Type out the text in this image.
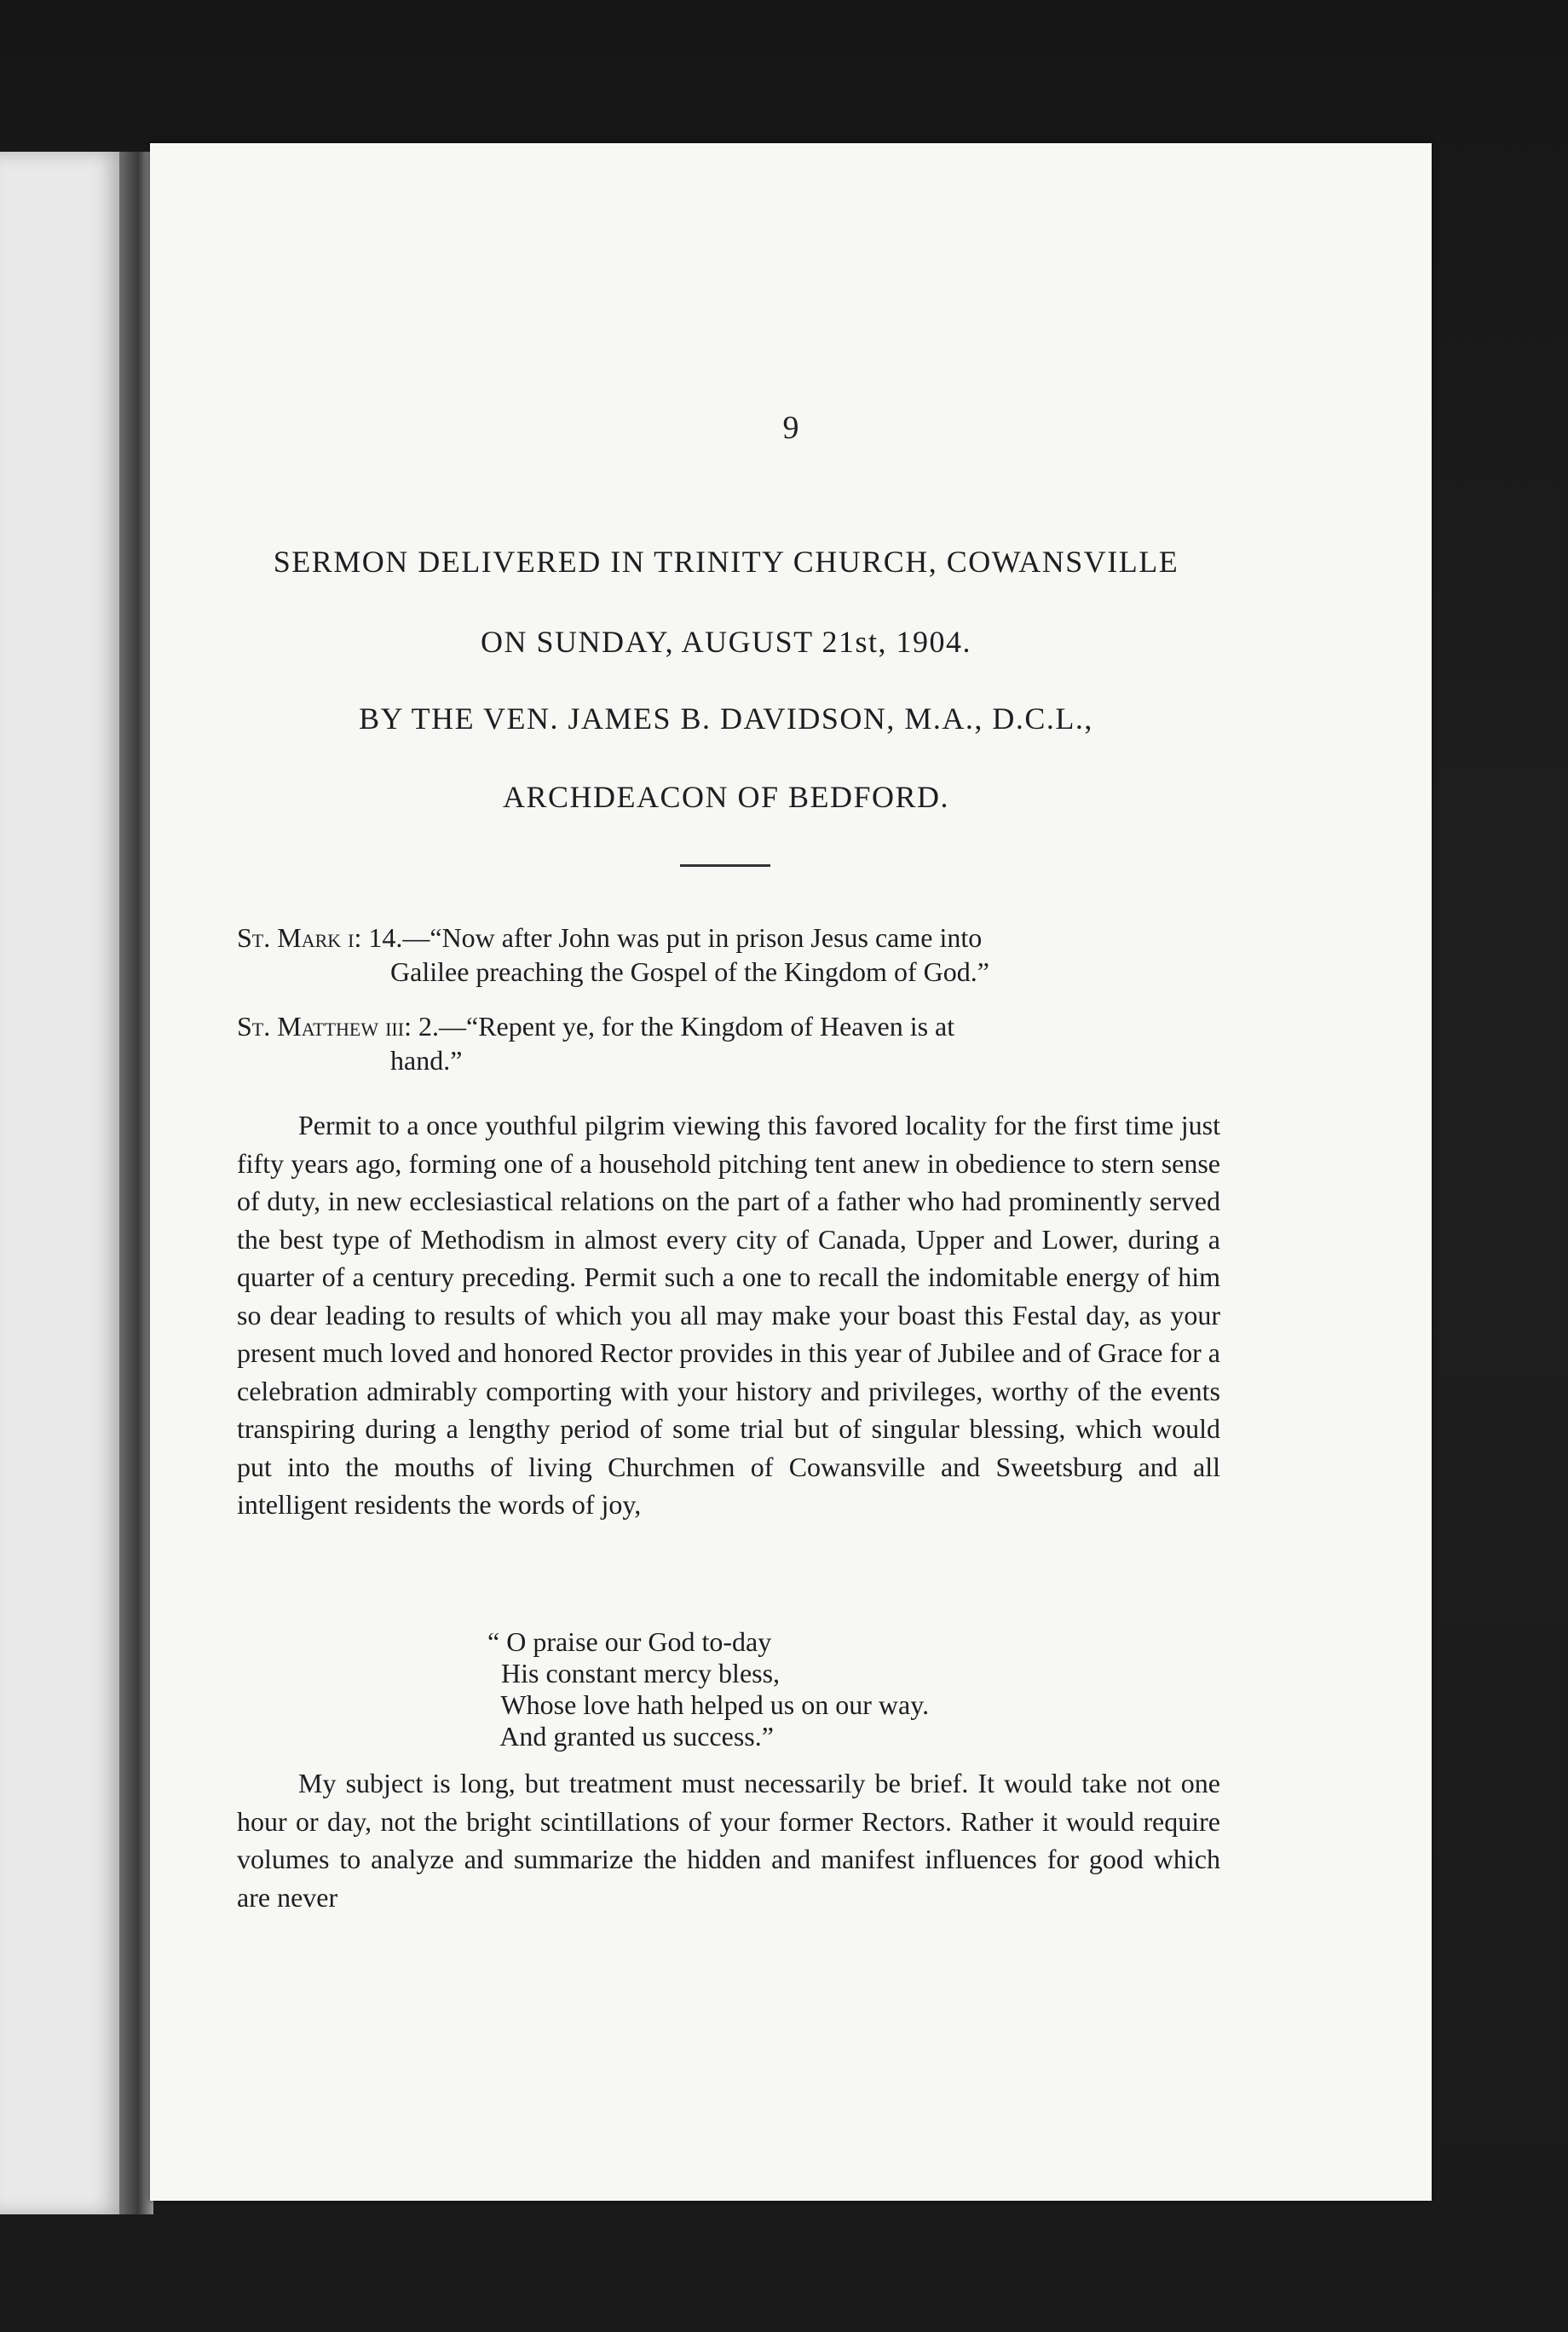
9
SERMON DELIVERED IN TRINITY CHURCH, COWANSVILLE
ON SUNDAY, AUGUST 21st, 1904.
BY THE VEN. JAMES B. DAVIDSON, M.A., D.C.L.,
ARCHDEACON OF BEDFORD.
St. Mark i: 14.—“Now after John was put in prison Jesus came into
Galilee preaching the Gospel of the Kingdom of God.”
St. Matthew iii: 2.—“Repent ye, for the Kingdom of Heaven is at
hand.”
Permit to a once youthful pilgrim viewing this favored locality for the first time just fifty years ago, forming one of a household pitching tent anew in obedience to stern sense of duty, in new ecclesiastical relations on the part of a father who had prominently served the best type of Methodism in almost every city of Canada, Upper and Lower, during a quarter of a century preceding. Permit such a one to recall the indomitable energy of him so dear leading to results of which you all may make your boast this Festal day, as your present much loved and honored Rector provides in this year of Jubilee and of Grace for a celebration admirably comporting with your history and privileges, worthy of the events transpiring during a lengthy period of some trial but of singular blessing, which would put into the mouths of living Churchmen of Cowansville and Sweetsburg and all intelligent residents the words of joy,
“ O praise our God to-day
His constant mercy bless,
Whose love hath helped us on our way.
And granted us success.”
My subject is long, but treatment must necessarily be brief. It would take not one hour or day, not the bright scintillations of your former Rectors. Rather it would require volumes to analyze and summarize the hidden and manifest influences for good which are never
